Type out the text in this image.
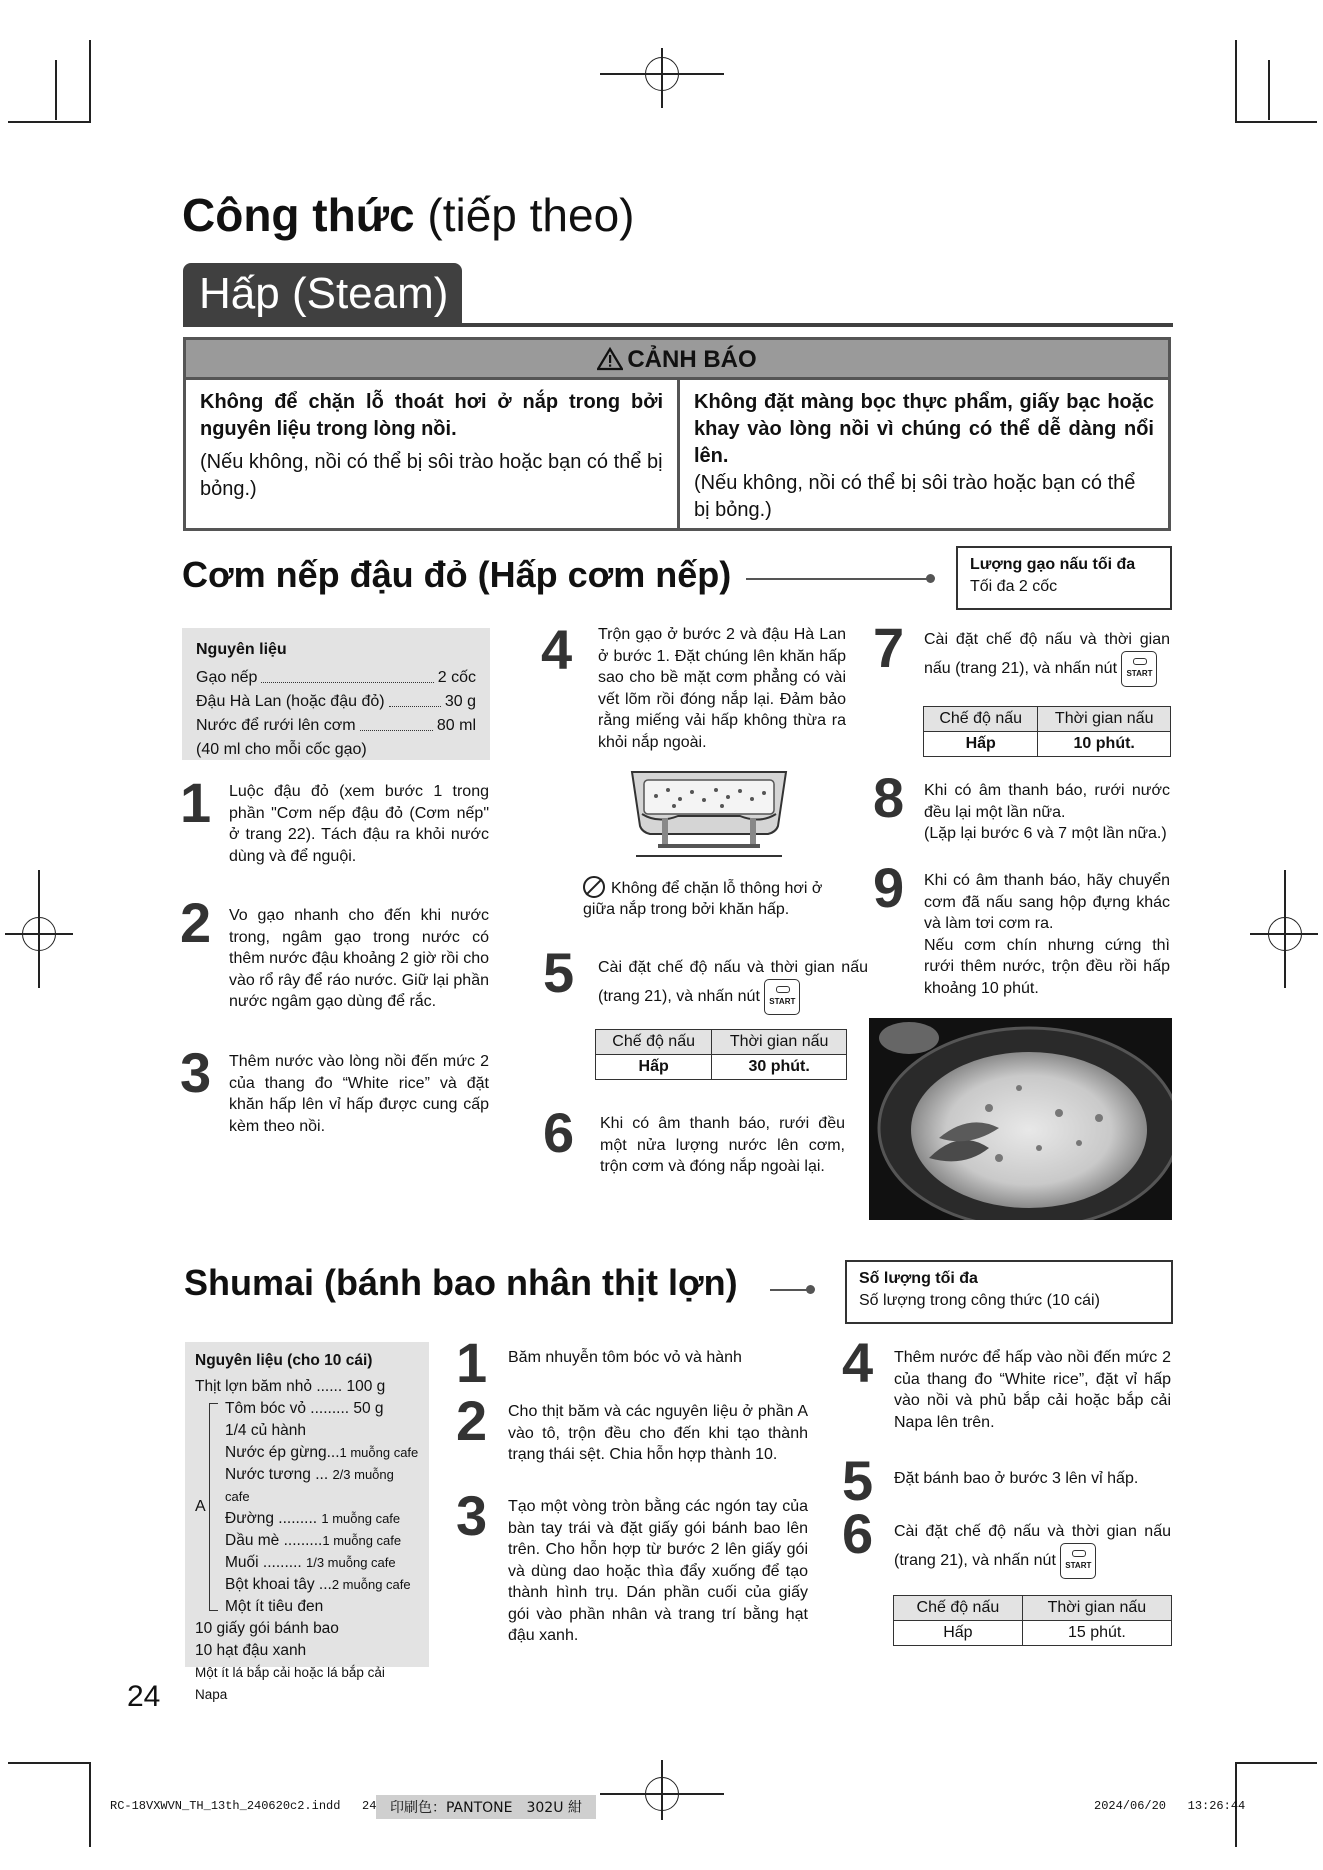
Công thức (tiếp theo)
Hấp (Steam)
CẢNH BÁO
Không để chặn lỗ thoát hơi ở nắp trong bởi nguyên liệu trong lòng nồi.
(Nếu không, nồi có thể bị sôi trào hoặc bạn có thể bị bỏng.)
Không đặt màng bọc thực phẩm, giấy bạc hoặc khay vào lòng nồi vì chúng có thể dễ dàng nổi lên.
(Nếu không, nồi có thể bị sôi trào hoặc bạn có thể bị bỏng.)
Cơm nếp đậu đỏ (Hấp cơm nếp)	Lượng gạo nấu tối đa
Tối đa 2 cốc
Nguyên liệu
Gạo nếp	2 cốc
Đậu Hà Lan (hoặc đậu đỏ)	30 g
Nước để rưới lên cơm	80 ml
(40 ml cho mỗi cốc gạo)
1 Luộc đậu đỏ (xem bước 1 trong phần "Cơm nếp đậu đỏ (Cơm nếp" ở trang 22). Tách đậu ra khỏi nước dùng và để nguội.
2 Vo gạo nhanh cho đến khi nước trong, ngâm gạo trong nước có thêm nước đậu khoảng 2 giờ rồi cho vào rổ rây để ráo nước. Giữ lại phần nước ngâm gạo dùng để rắc.
3 Thêm nước vào lòng nồi đến mức 2 của thang đo “White rice” và đặt khăn hấp lên vỉ hấp được cung cấp kèm theo nồi.
4 Trộn gạo ở bước 2 và đậu Hà Lan ở bước 1. Đặt chúng lên khăn hấp sao cho bề mặt cơm phẳng có vài vết lõm rồi đóng nắp lại. Đảm bảo rằng miếng vải hấp không thừa ra khỏi nắp ngoài.
Không để chặn lỗ thông hơi ở giữa nắp trong bởi khăn hấp.
5 Cài đặt chế độ nấu và thời gian nấu (trang 21), và nhấn nút START
Chế độ nấu	Thời gian nấu
Hấp	30 phút.
6 Khi có âm thanh báo, rưới đều một nửa lượng nước lên cơm, trộn cơm và đóng nắp ngoài lại.
7 Cài đặt chế độ nấu và thời gian nấu (trang 21), và nhấn nút START
Chế độ nấu	Thời gian nấu
Hấp	10 phút.
8 Khi có âm thanh báo, rưới nước đều lại một lần nữa.
(Lặp lại bước 6 và 7 một lần nữa.)
9 Khi có âm thanh báo, hãy chuyển cơm đã nấu sang hộp đựng khác và làm tơi cơm ra.
Nếu cơm chín nhưng cứng thì rưới thêm nước, trộn đều rồi hấp khoảng 10 phút.
Shumai (bánh bao nhân thịt lợn)	Số lượng tối đa
Số lượng trong công thức (10 cái)
Nguyên liệu (cho 10 cái)
Thịt lợn băm nhỏ ...... 100 g
A
Tôm bóc vỏ ......... 50 g
1/4 củ hành
Nước ép gừng...1 muỗng cafe
Nước tương ... 2/3 muỗng cafe
Đường ......... 1 muỗng cafe
Dầu mè .........1 muỗng cafe
Muối ......... 1/3 muỗng cafe
Bột khoai tây ...2 muỗng cafe
Một ít tiêu đen
10 giấy gói bánh bao
10 hạt đậu xanh
Một ít lá bắp cải hoặc lá bắp cải Napa
1 Băm nhuyễn tôm bóc vỏ và hành
2 Cho thịt băm và các nguyên liệu ở phần A vào tô, trộn đều cho đến khi tạo thành trạng thái sệt. Chia hỗn hợp thành 10.
3 Tạo một vòng tròn bằng các ngón tay của bàn tay trái và đặt giấy gói bánh bao lên trên. Cho hỗn hợp từ bước 2 lên giấy gói và dùng dao hoặc thìa đẩy xuống để tạo thành hình trụ. Dán phần cuối của giấy gói vào phần nhân và trang trí bằng hạt đậu xanh.
4 Thêm nước để hấp vào nồi đến mức 2 của thang đo “White rice”, đặt vỉ hấp vào nồi và phủ bắp cải hoặc bắp cải Napa lên trên.
5 Đặt bánh bao ở bước 3 lên vỉ hấp.
6 Cài đặt chế độ nấu và thời gian nấu (trang 21), và nhấn nút START
Chế độ nấu	Thời gian nấu
Hấp	15 phút.
24
RC-18VXWVN_TH_13th_240620c2.indd 24 印刷色：PANTONE　302U 紺	2024/06/20 13:26:44
